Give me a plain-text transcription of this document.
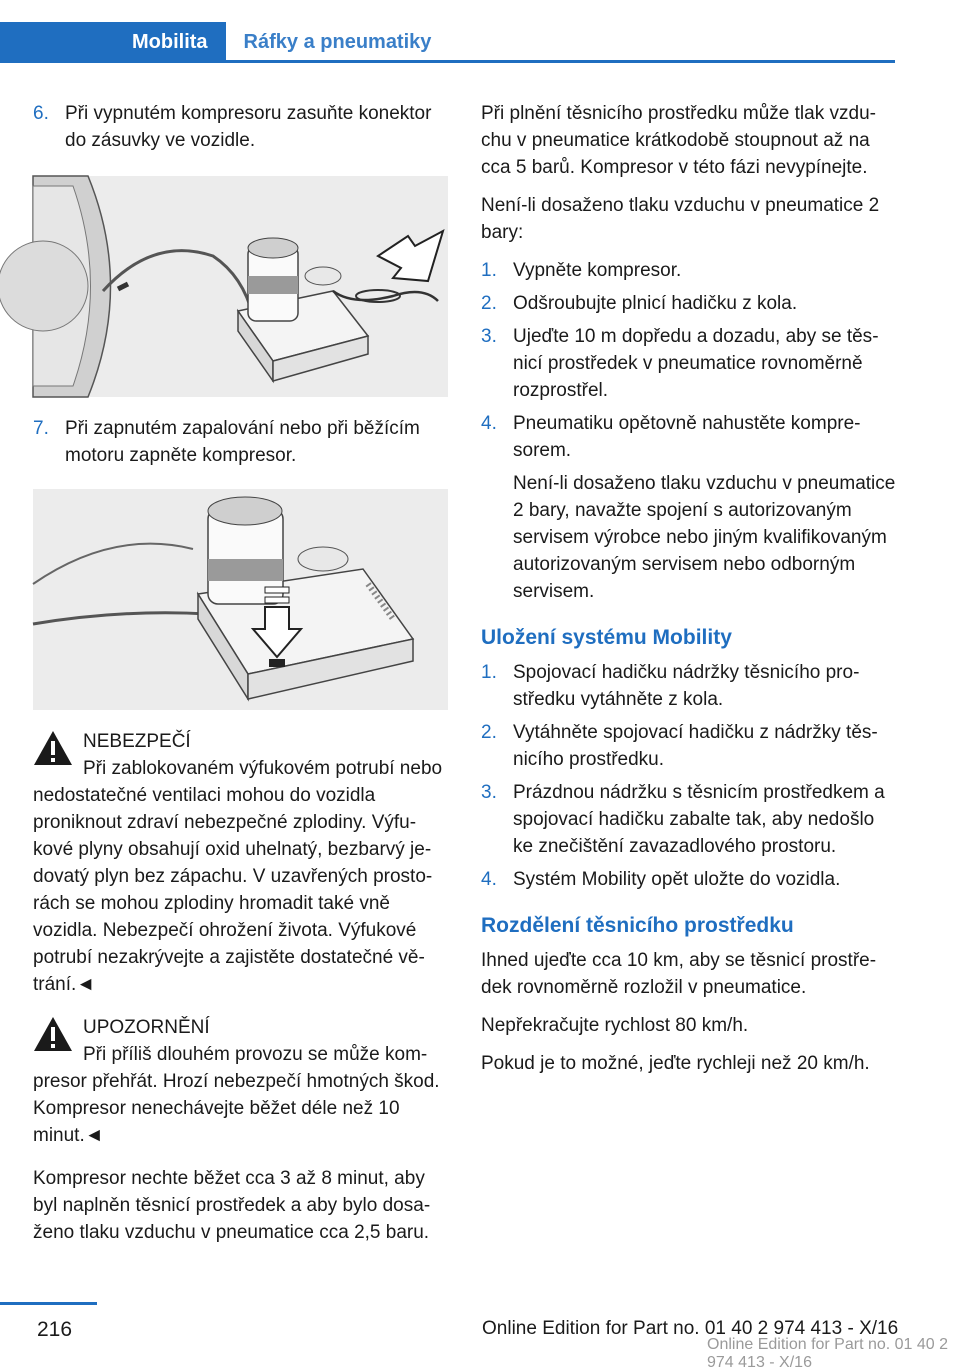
Mobilita	Ráfky a pneumatiky
6. Při vypnutém kompresoru zasuňte konektor do zásuvky ve vozidle.
7. Při zapnutém zapalování nebo při běžícím motoru zapněte kompresor.
NEBEZPEČÍ
Při zablokovaném výfukovém potrubí nebo nedostatečné ventilaci mohou do vozidla proniknout zdraví nebezpečné zplodiny. Výfukové plyny obsahují oxid uhelnatý, bezbarvý jedovatý plyn bez zápachu. V uzavřených prostorách se mohou zplodiny hromadit také vně vozidla. Nebezpečí ohrožení života. Výfukové potrubí nezakrývejte a zajistěte dostatečné větrání.◄
UPOZORNĚNÍ
Při příliš dlouhém provozu se může kompresor přehřát. Hrozí nebezpečí hmotných škod. Kompresor nenechávejte běžet déle než 10 minut.◄
Kompresor nechte běžet cca 3 až 8 minut, aby byl naplněn těsnicí prostředek a aby bylo dosaženo tlaku vzduchu v pneumatice cca 2,5 baru.
Při plnění těsnicího prostředku může tlak vzduchu v pneumatice krátkodobě stoupnout až na cca 5 barů. Kompresor v této fázi nevypínejte.
Není-li dosaženo tlaku vzduchu v pneumatice 2 bary:
1. Vypněte kompresor.
2. Odšroubujte plnicí hadičku z kola.
3. Ujeďte 10 m dopředu a dozadu, aby se těsnicí prostředek v pneumatice rovnoměrně rozprostřel.
4. Pneumatiku opětovně nahustěte kompresorem.
Není-li dosaženo tlaku vzduchu v pneumatice 2 bary, navažte spojení s autorizovaným servisem výrobce nebo jiným kvalifikovaným autorizovaným servisem nebo odborným servisem.
Uložení systému Mobility
1. Spojovací hadičku nádržky těsnicího prostředku vytáhněte z kola.
2. Vytáhněte spojovací hadičku z nádržky těsnicího prostředku.
3. Prázdnou nádržku s těsnicím prostředkem a spojovací hadičku zabalte tak, aby nedošlo ke znečištění zavazadlového prostoru.
4. Systém Mobility opět uložte do vozidla.
Rozdělení těsnicího prostředku
Ihned ujeďte cca 10 km, aby se těsnicí prostředek rovnoměrně rozložil v pneumatice.
Nepřekračujte rychlost 80 km/h.
Pokud je to možné, jeďte rychleji než 20 km/h.
216	Online Edition for Part no. 01 40 2 974 413 - X/16
Online Edition for Part no. 01 40 2 974 413 - X/16
